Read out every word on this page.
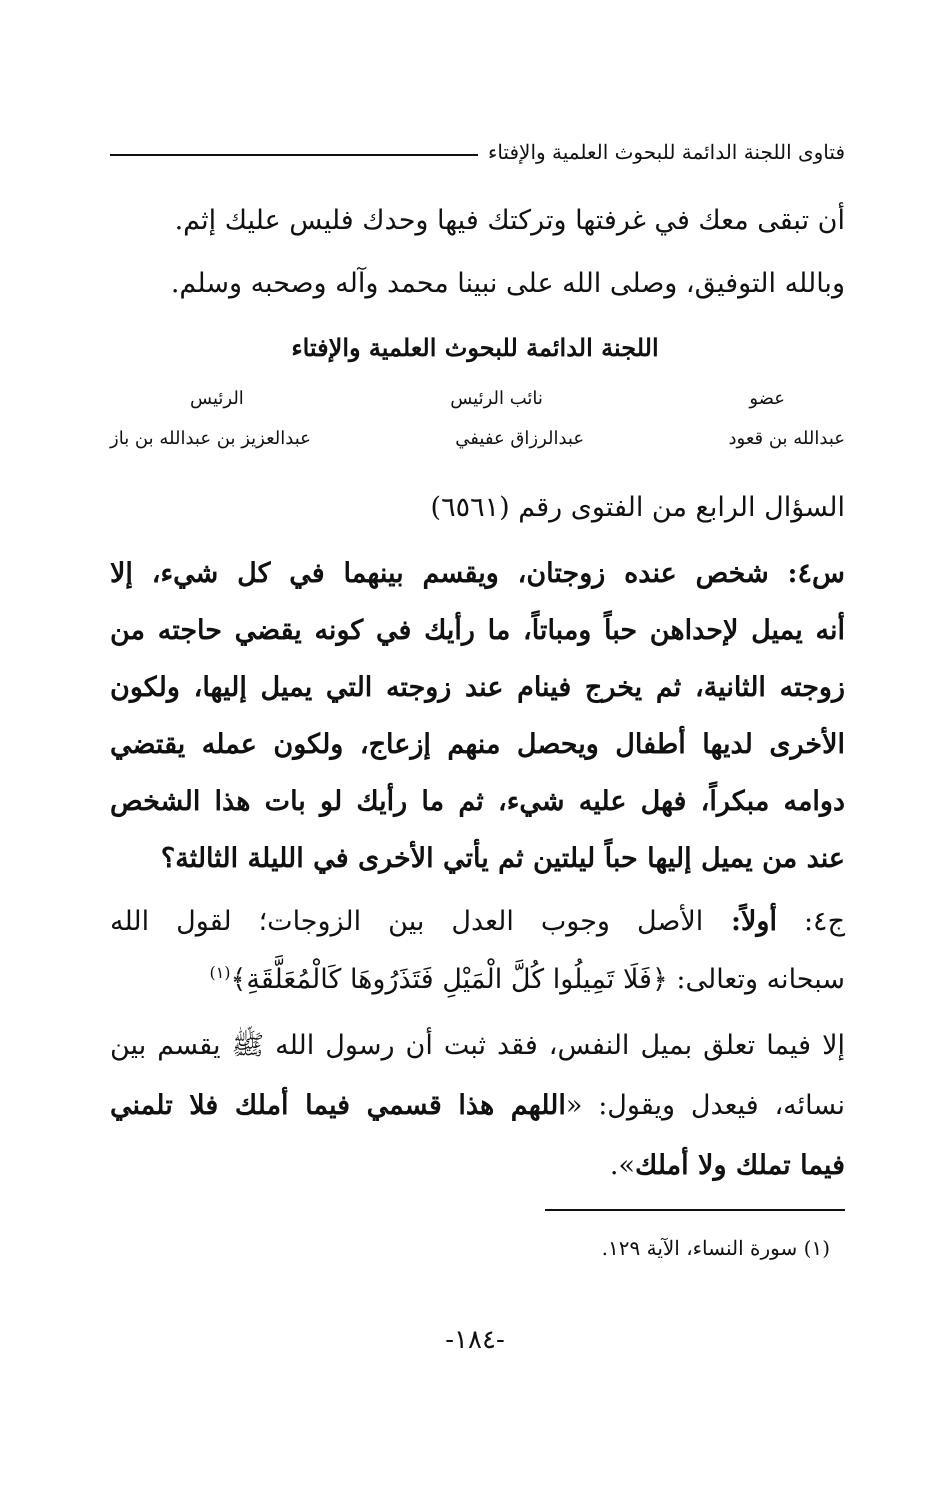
فتاوى اللجنة الدائمة للبحوث العلمية والإفتاء
أن تبقى معك في غرفتها وتركتك فيها وحدك فليس عليك إثم.
وبالله التوفيق، وصلى الله على نبينا محمد وآله وصحبه وسلم.
اللجنة الدائمة للبحوث العلمية والإفتاء
عضو
نائب الرئيس
الرئيس
عبدالله بن قعود
عبدالرزاق عفيفي
عبدالعزيز بن عبدالله بن باز
السؤال الرابع من الفتوى رقم (٦٥٦١)
س٤: شخص عنده زوجتان، ويقسم بينهما في كل شيء، إلا
أنه يميل لإحداهن حباً ومباتاً، ما رأيك في كونه يقضي حاجته من
زوجته الثانية، ثم يخرج فينام عند زوجته التي يميل إليها، ولكون
الأخرى لديها أطفال ويحصل منهم إزعاج، ولكون عمله يقتضي
دوامه مبكراً، فهل عليه شيء، ثم ما رأيك لو بات هذا الشخص
عند من يميل إليها حباً ليلتين ثم يأتي الأخرى في الليلة الثالثة؟
ج٤: أولاً: الأصل وجوب العدل بين الزوجات؛ لقول الله
سبحانه وتعالى: ﴿فَلَا تَمِيلُوا كُلَّ الْمَيْلِ فَتَذَرُوهَا كَالْمُعَلَّقَةِ﴾$^{(١)}$
إلا فيما تعلق بميل النفس، فقد ثبت أن رسول الله ﷺ يقسم بين
نسائه، فيعدل ويقول: «اللهم هذا قسمي فيما أملك فلا تلمني
فيما تملك ولا أملك».
(١) سورة النساء، الآية ١٢٩.
-١٨٤-
